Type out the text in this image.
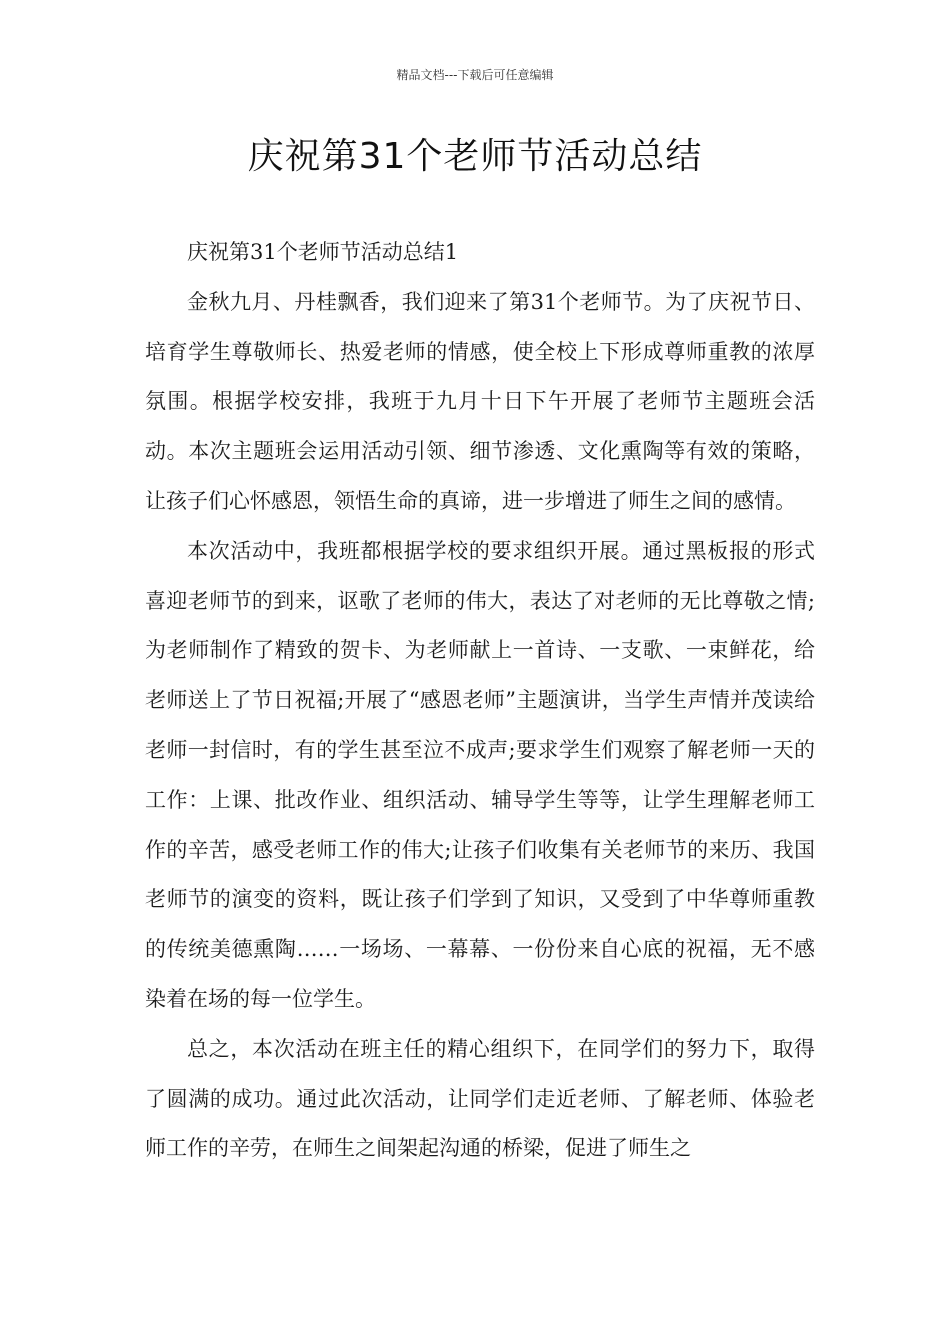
精品文档---下载后可任意编辑
庆祝第31个老师节活动总结

庆祝第31个老师节活动总结1

金秋九月、丹桂飘香，我们迎来了第31个老师节。为了庆祝节日、培育学生尊敬师长、热爱老师的情感，使全校上下形成尊师重教的浓厚氛围。根据学校安排，我班于九月十日下午开展了老师节主题班会活动。本次主题班会运用活动引领、细节渗透、文化熏陶等有效的策略，让孩子们心怀感恩，领悟生命的真谛，进一步增进了师生之间的感情。

本次活动中，我班都根据学校的要求组织开展。通过黑板报的形式喜迎老师节的到来，讴歌了老师的伟大，表达了对老师的无比尊敬之情;为老师制作了精致的贺卡、为老师献上一首诗、一支歌、一束鲜花，给老师送上了节日祝福;开展了“感恩老师”主题演讲，当学生声情并茂读给老师一封信时，有的学生甚至泣不成声;要求学生们观察了解老师一天的工作：上课、批改作业、组织活动、辅导学生等等，让学生理解老师工作的辛苦，感受老师工作的伟大;让孩子们收集有关老师节的来历、我国老师节的演变的资料，既让孩子们学到了知识，又受到了中华尊师重教的传统美德熏陶……一场场、一幕幕、一份份来自心底的祝福，无不感染着在场的每一位学生。

总之，本次活动在班主任的精心组织下，在同学们的努力下，取得了圆满的成功。通过此次活动，让同学们走近老师、了解老师、体验老师工作的辛劳，在师生之间架起沟通的桥梁，促进了师生之
